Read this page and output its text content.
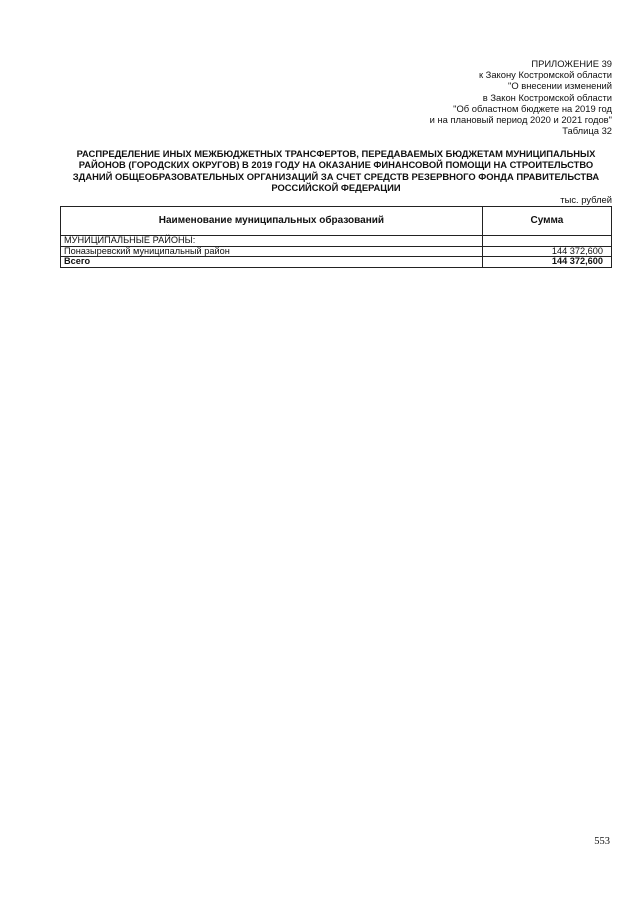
ПРИЛОЖЕНИЕ 39
к Закону Костромской области
"О внесении изменений
в Закон Костромской области
"Об областном бюджете на 2019 год
и на плановый период 2020 и 2021 годов"
Таблица 32
РАСПРЕДЕЛЕНИЕ ИНЫХ МЕЖБЮДЖЕТНЫХ ТРАНСФЕРТОВ, ПЕРЕДАВАЕМЫХ БЮДЖЕТАМ МУНИЦИПАЛЬНЫХ
РАЙОНОВ (ГОРОДСКИХ ОКРУГОВ) В 2019 ГОДУ НА ОКАЗАНИЕ ФИНАНСОВОЙ ПОМОЩИ НА СТРОИТЕЛЬСТВО
ЗДАНИЙ ОБЩЕОБРАЗОВАТЕЛЬНЫХ ОРГАНИЗАЦИЙ ЗА СЧЕТ СРЕДСТВ РЕЗЕРВНОГО ФОНДА ПРАВИТЕЛЬСТВА
РОССИЙСКОЙ ФЕДЕРАЦИИ
тыс. рублей
Наименование муниципальных образований	Сумма
МУНИЦИПАЛЬНЫЕ РАЙОНЫ:	
Поназыревский муниципальный район	144 372,600
Всего	144 372,600
553
